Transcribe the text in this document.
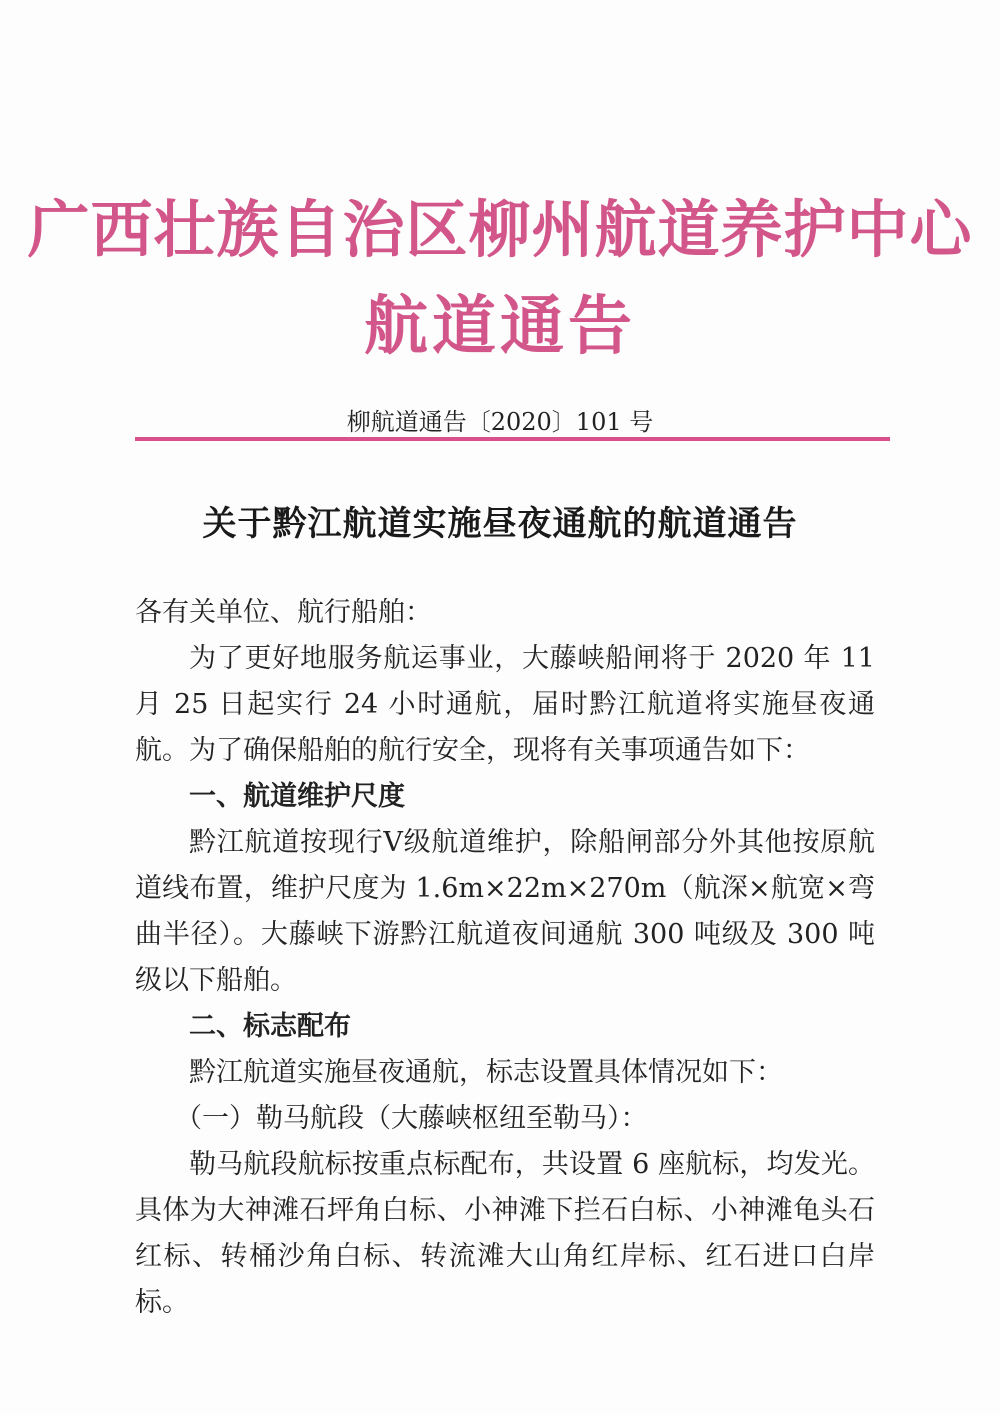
广西壮族自治区柳州航道养护中心
航道通告
柳航道通告〔2020〕101 号
关于黔江航道实施昼夜通航的航道通告

各有关单位、航行船舶：

为了更好地服务航运事业，大藤峡船闸将于 2020 年 11 月 25 日起实行 24 小时通航，届时黔江航道将实施昼夜通航。为了确保船舶的航行安全，现将有关事项通告如下：

一、航道维护尺度

黔江航道按现行Ⅴ级航道维护，除船闸部分外其他按原航道线布置，维护尺度为 1.6m×22m×270m（航深×航宽×弯曲半径）。大藤峡下游黔江航道夜间通航 300 吨级及 300 吨级以下船舶。

二、标志配布

黔江航道实施昼夜通航，标志设置具体情况如下：

（一）勒马航段（大藤峡枢纽至勒马）：

勒马航段航标按重点标配布，共设置 6 座航标，均发光。具体为大神滩石坪角白标、小神滩下拦石白标、小神滩龟头石红标、转桶沙角白标、转流滩大山角红岸标、红石进口白岸标。
